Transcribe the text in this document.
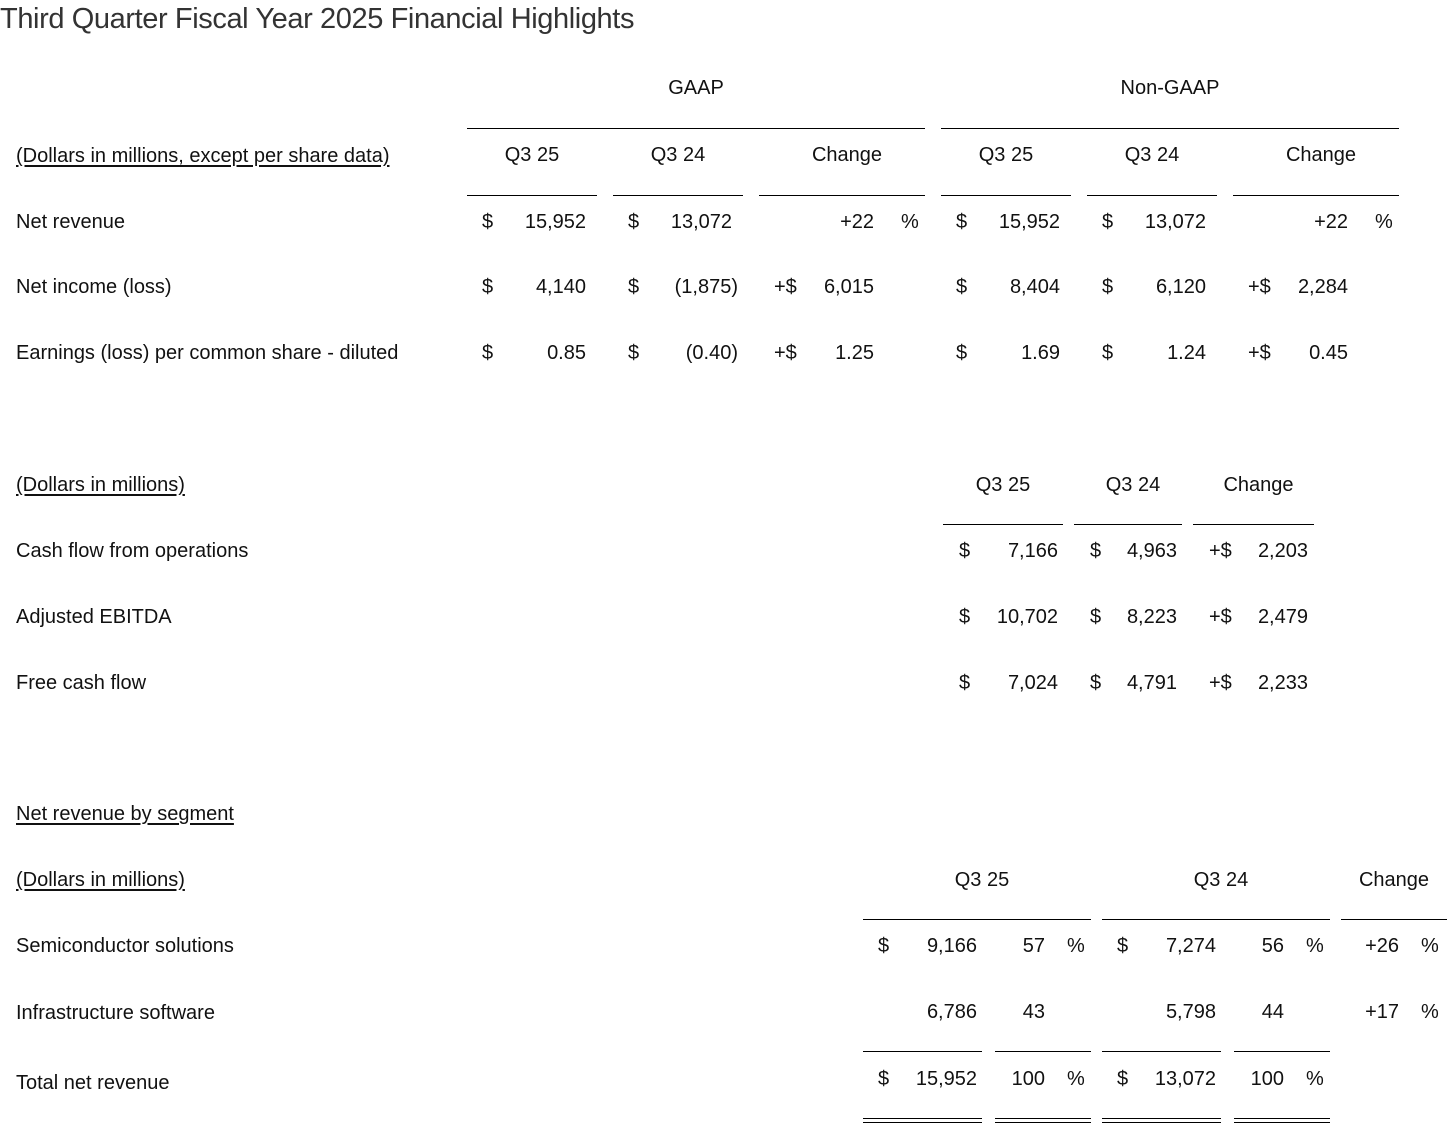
Third Quarter Fiscal Year 2025 Financial Highlights
GAAP	Non-GAAP
(Dollars in millions, except per share data)	Q3 25	Q3 24	Change	Q3 25	Q3 24	Change
Net revenue	$	15,952 $	13,072	+22 % $	15,952 $	13,072	+22 %
Net income (loss)	$	4,140 $	(1,875) +$	6,015	$	8,404 $	6,120 +$	2,284
Earnings (loss) per common share - diluted	$	0.85 $	(0.40) +$	1.25	$	1.69 $	1.24 +$	0.45
(Dollars in millions)	Q3 25	Q3 24	Change
Cash flow from operations	$	7,166 $	4,963 +$	2,203
Adjusted EBITDA	$	10,702 $	8,223 +$	2,479
Free cash flow	$	7,024 $	4,791 +$	2,233
Net revenue by segment
(Dollars in millions)	Q3 25	Q3 24	Change
Semiconductor solutions	$	9,166	57 % $	7,274	56 %	+26 %
Infrastructure software	6,786	43	5,798	44	+17 %
Total net revenue	$	15,952	100 % $	13,072	100 %
